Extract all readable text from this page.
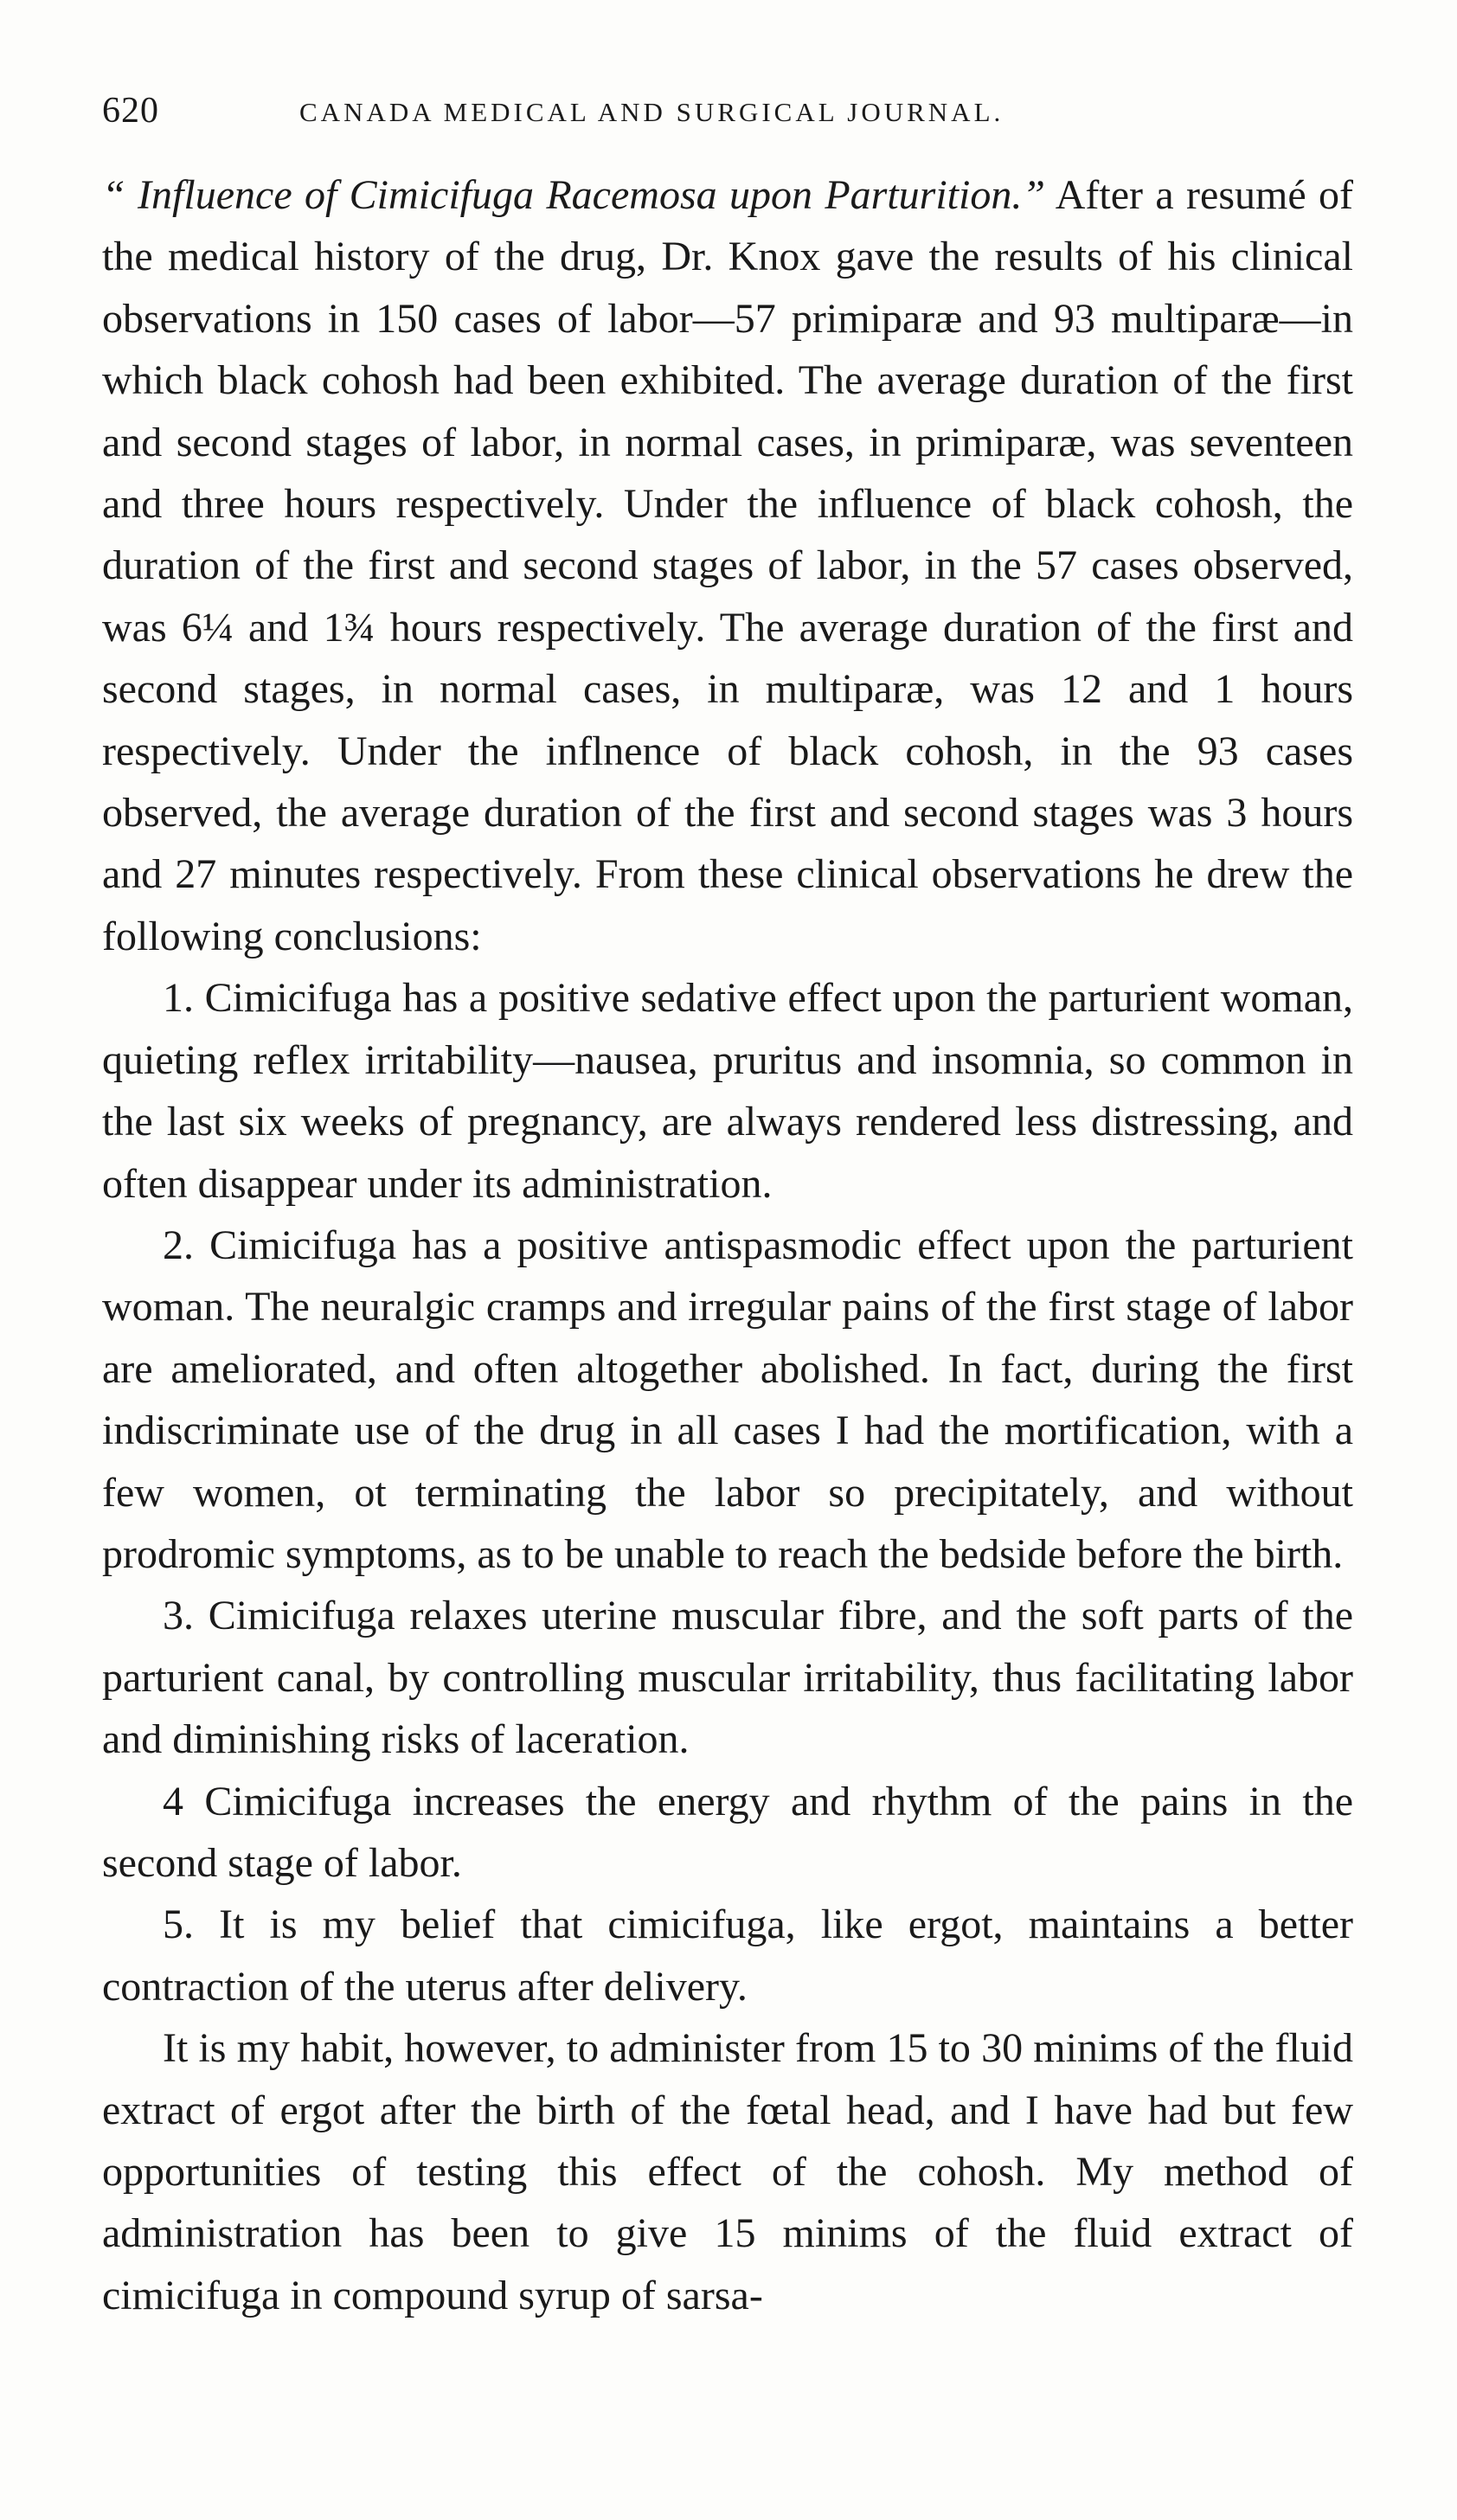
620	CANADA MEDICAL AND SURGICAL JOURNAL.

“ Influence of Cimicifuga Racemosa upon Parturition.” After a resumé of the medical history of the drug, Dr. Knox gave the results of his clinical observations in 150 cases of labor—57 primiparæ and 93 multiparæ—in which black cohosh had been exhibited. The average duration of the first and second stages of labor, in normal cases, in primiparæ, was seventeen and three hours respectively. Under the influence of black cohosh, the duration of the first and second stages of labor, in the 57 cases observed, was 6¼ and 1¾ hours respectively. The average duration of the first and second stages, in normal cases, in multiparæ, was 12 and 1 hours respectively. Under the inflnence of black cohosh, in the 93 cases observed, the average duration of the first and second stages was 3 hours and 27 minutes respectively. From these clinical observations he drew the following conclusions:

1. Cimicifuga has a positive sedative effect upon the parturient woman, quieting reflex irritability—nausea, pruritus and insomnia, so common in the last six weeks of pregnancy, are always rendered less distressing, and often disappear under its administration.

2. Cimicifuga has a positive antispasmodic effect upon the parturient woman. The neuralgic cramps and irregular pains of the first stage of labor are ameliorated, and often altogether abolished. In fact, during the first indiscriminate use of the drug in all cases I had the mortification, with a few women, ot terminating the labor so precipitately, and without prodromic symptoms, as to be unable to reach the bedside before the birth.

3. Cimicifuga relaxes uterine muscular fibre, and the soft parts of the parturient canal, by controlling muscular irritability, thus facilitating labor and diminishing risks of laceration.

4 Cimicifuga increases the energy and rhythm of the pains in the second stage of labor.

5. It is my belief that cimicifuga, like ergot, maintains a better contraction of the uterus after delivery.

It is my habit, however, to administer from 15 to 30 minims of the fluid extract of ergot after the birth of the fœtal head, and I have had but few opportunities of testing this effect of the cohosh. My method of administration has been to give 15 minims of the fluid extract of cimicifuga in compound syrup of sarsa-
